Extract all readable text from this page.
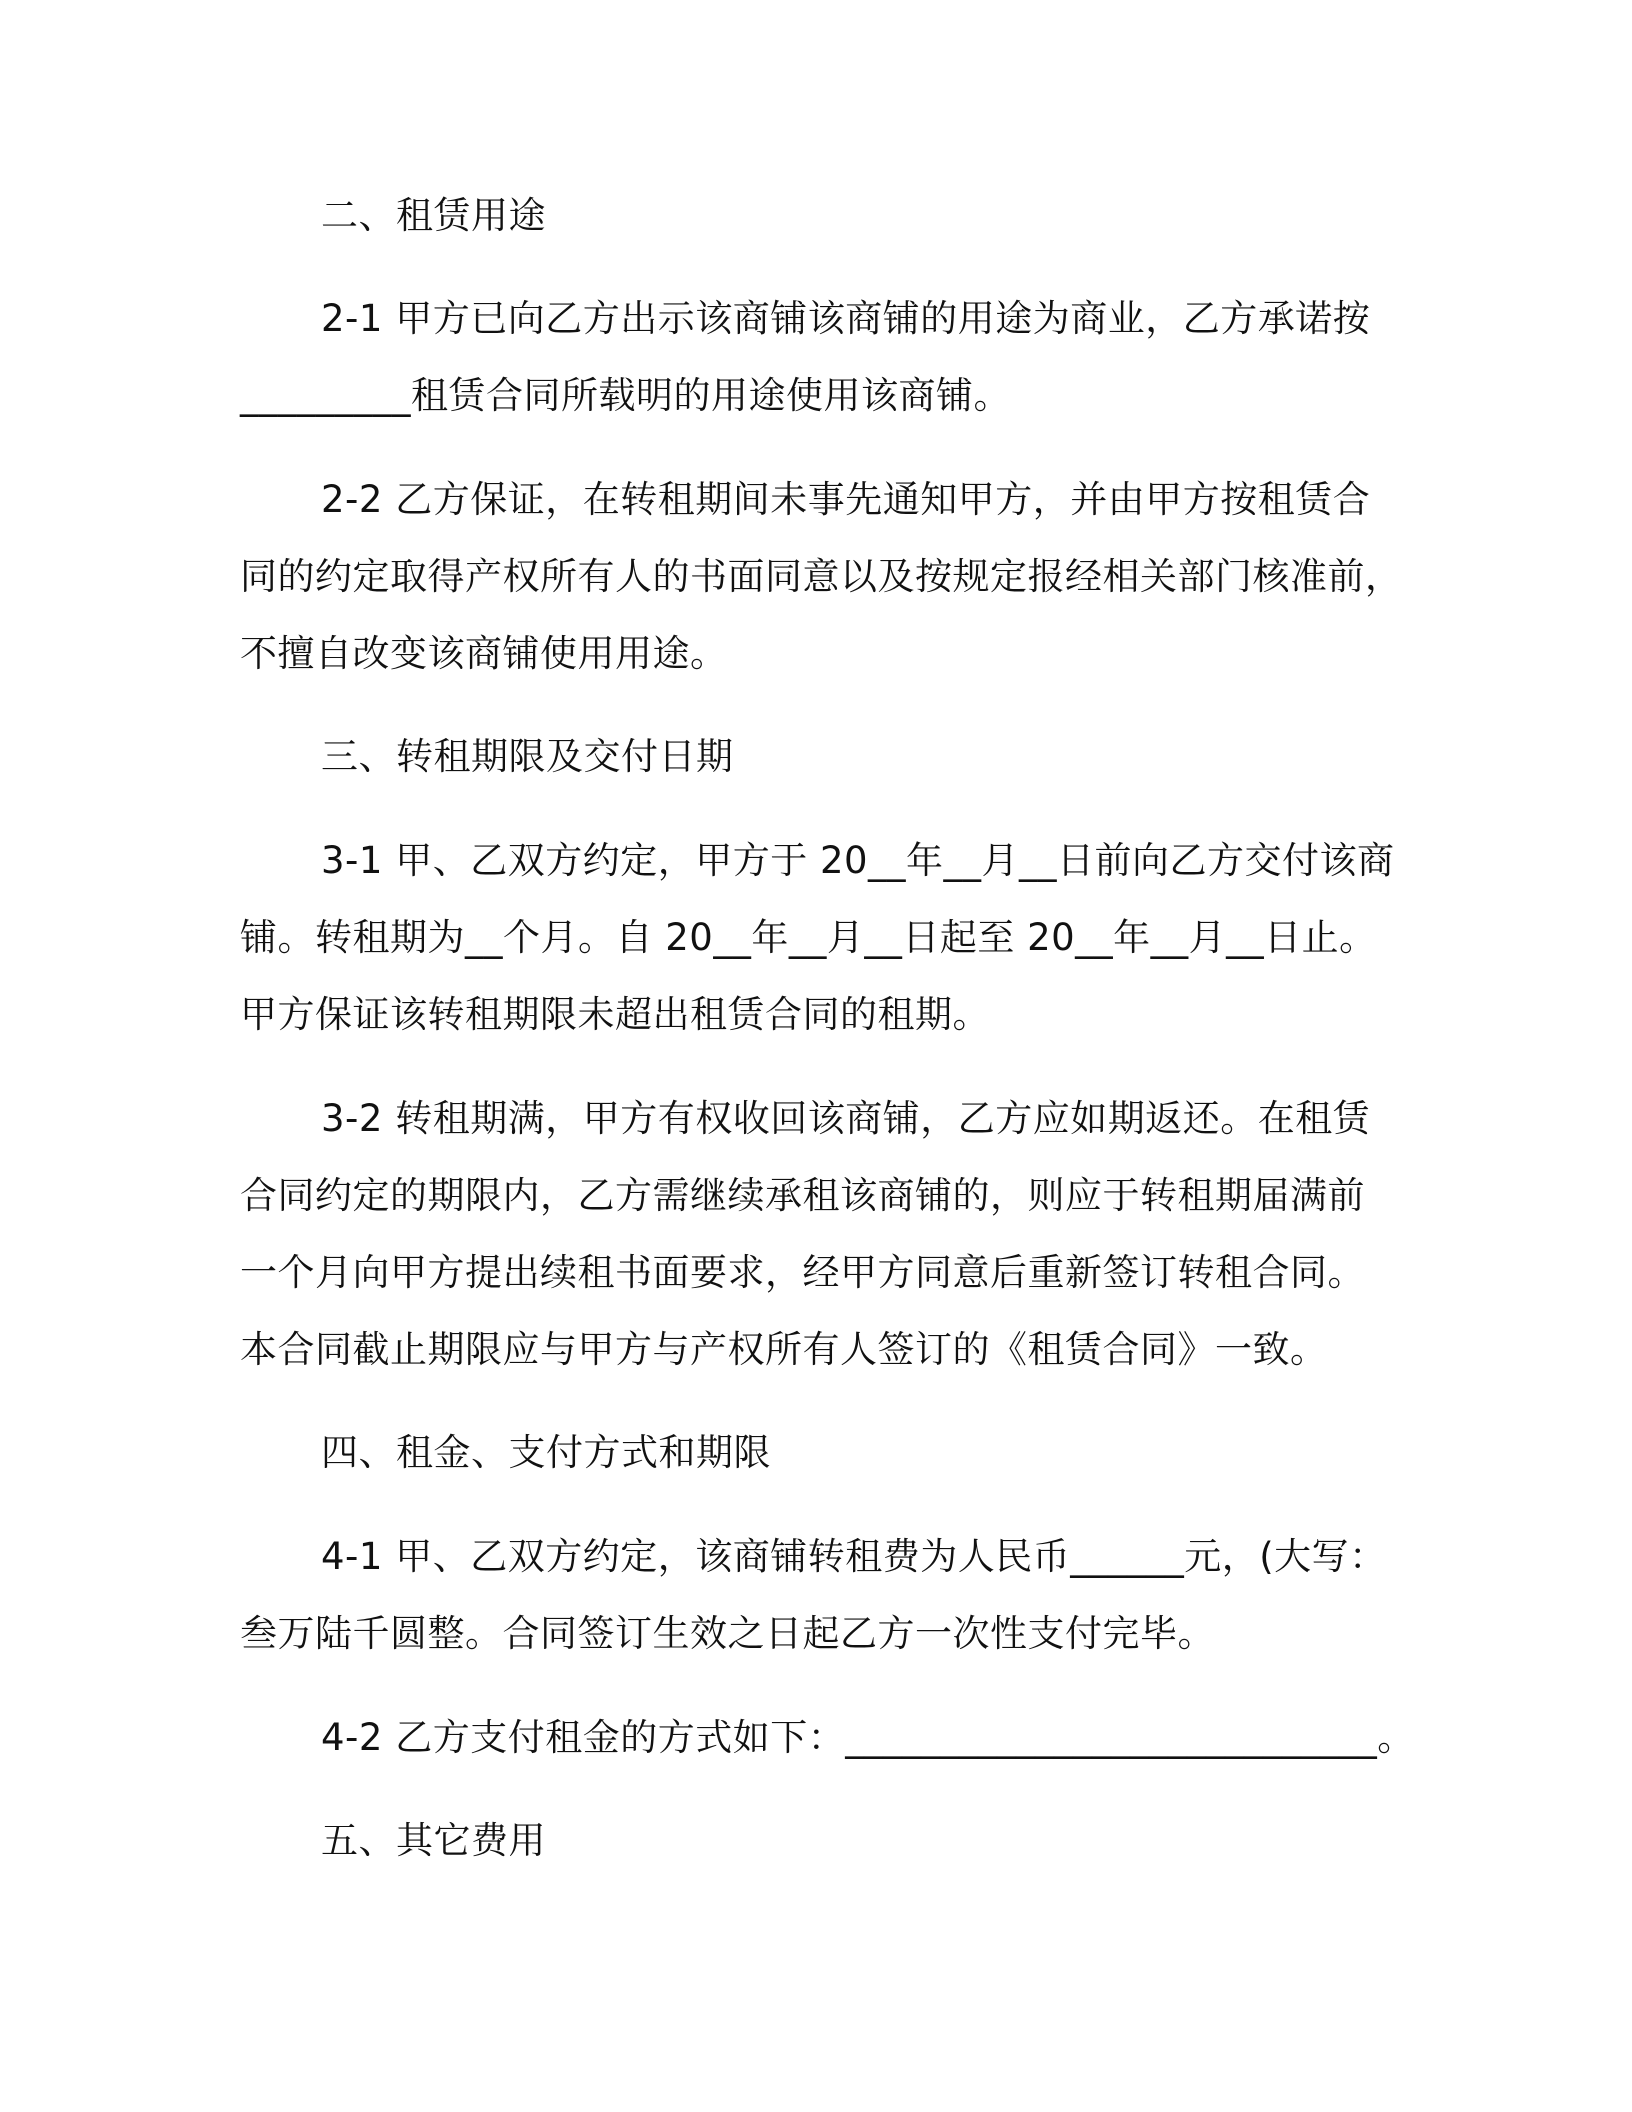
二、租赁用途
2-1 甲方已向乙方出示该商铺该商铺的用途为商业，乙方承诺按
_________租赁合同所载明的用途使用该商铺。
2-2 乙方保证，在转租期间未事先通知甲方，并由甲方按租赁合
同的约定取得产权所有人的书面同意以及按规定报经相关部门核准前，
不擅自改变该商铺使用用途。
三、转租期限及交付日期
3-1 甲、乙双方约定，甲方于 20__年__月__日前向乙方交付该商
铺。转租期为__个月。自 20__年__月__日起至 20__年__月__日止。
甲方保证该转租期限未超出租赁合同的租期。
3-2 转租期满，甲方有权收回该商铺，乙方应如期返还。在租赁
合同约定的期限内，乙方需继续承租该商铺的，则应于转租期届满前
一个月向甲方提出续租书面要求，经甲方同意后重新签订转租合同。
本合同截止期限应与甲方与产权所有人签订的《租赁合同》一致。
四、租金、支付方式和期限
4-1 甲、乙双方约定，该商铺转租费为人民币______元，(大写：
叁万陆千圆整。合同签订生效之日起乙方一次性支付完毕。
4-2 乙方支付租金的方式如下：____________________________。
五、其它费用
